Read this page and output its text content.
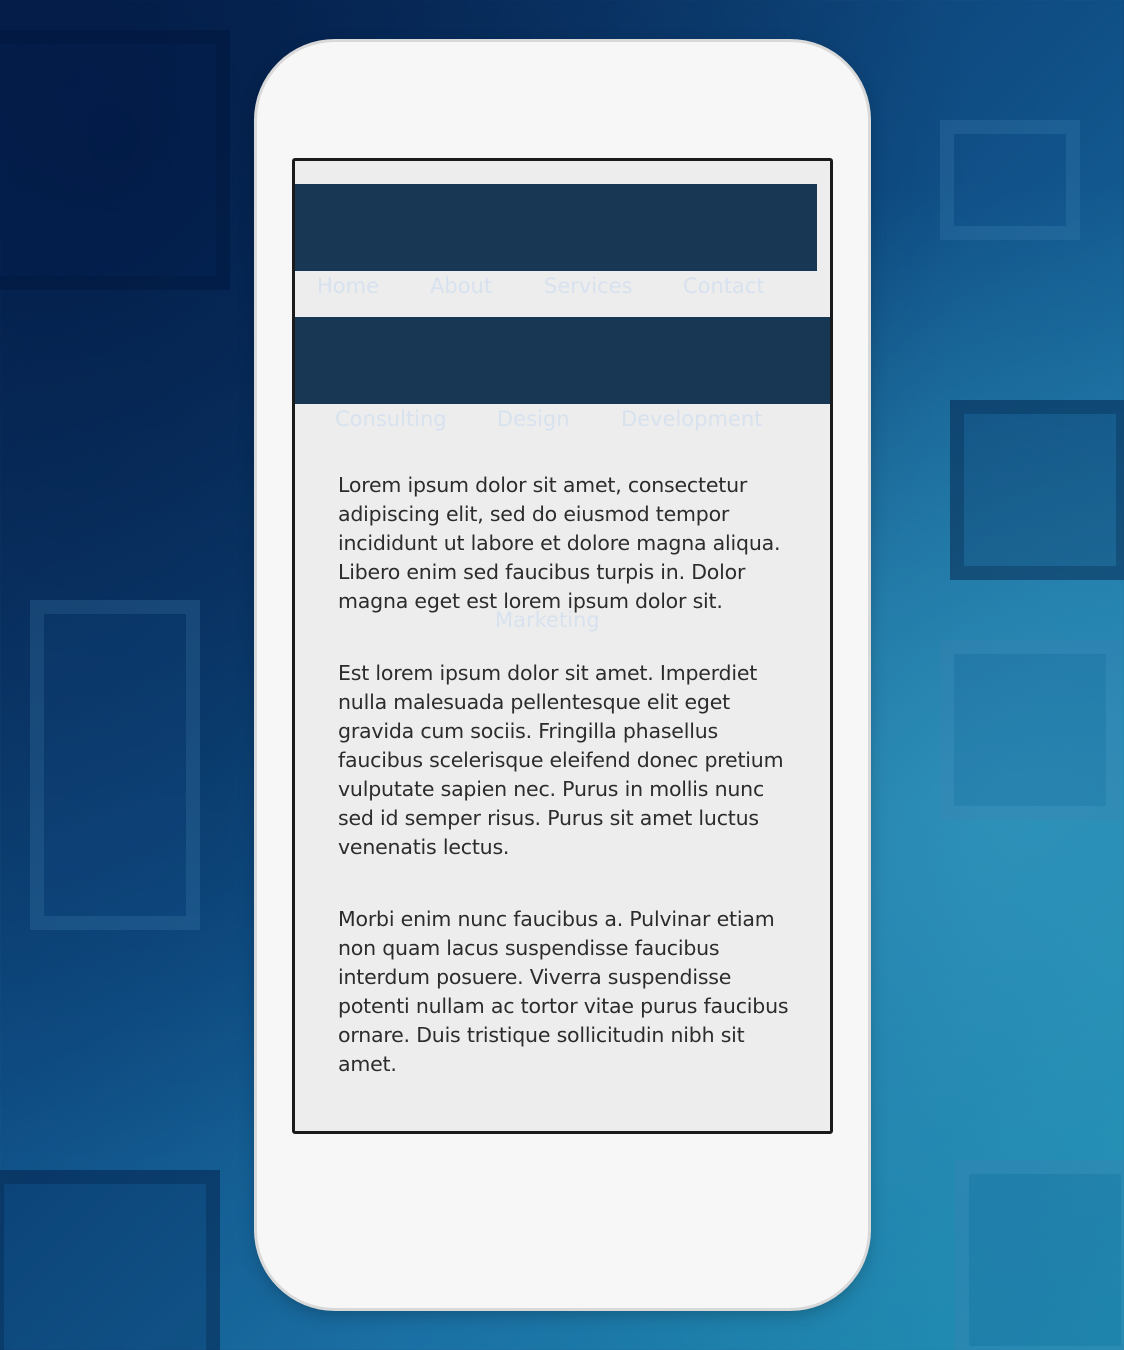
Home About Services Contact
Consulting Design Development

Lorem ipsum dolor sit amet, consectetur adipiscing elit, sed do eiusmod tempor incididunt ut labore et dolore magna aliqua. Libero enim sed faucibus turpis in. Dolor magna eget est lorem ipsum dolor sit.

Est lorem ipsum dolor sit amet. Imperdiet nulla malesuada pellentesque elit eget gravida cum sociis. Fringilla phasellus faucibus scelerisque eleifend donec pretium vulputate sapien nec. Purus in mollis nunc sed id semper risus. Purus sit amet luctus venenatis lectus.

Morbi enim nunc faucibus a. Pulvinar etiam non quam lacus suspendisse faucibus interdum posuere. Viverra suspendisse potenti nullam ac tortor vitae purus faucibus ornare. Duis tristique sollicitudin nibh sit amet.

Marketing
